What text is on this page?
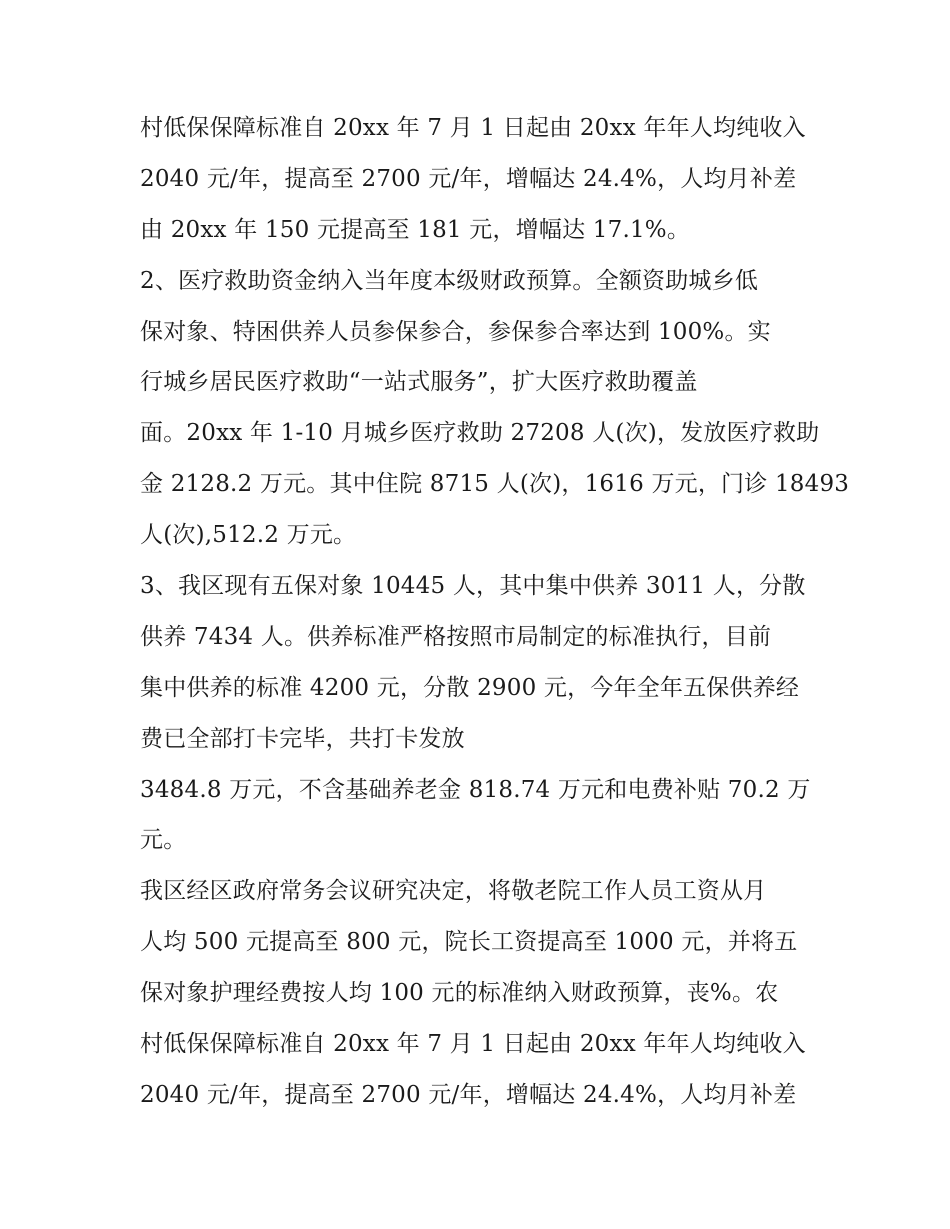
村低保保障标准自 20xx 年 7 月 1 日起由 20xx 年年人均纯收入
2040 元/年，提高至 2700 元/年，增幅达 24.4%，人均月补差
由 20xx 年 150 元提高至 181 元，增幅达 17.1%。
2、医疗救助资金纳入当年度本级财政预算。全额资助城乡低
保对象、特困供养人员参保参合，参保参合率达到 100%。实
行城乡居民医疗救助“一站式服务”，扩大医疗救助覆盖
面。20xx 年 1-10 月城乡医疗救助 27208 人(次)，发放医疗救助
金 2128.2 万元。其中住院 8715 人(次)，1616 万元，门诊 18493
人(次),512.2 万元。
3、我区现有五保对象 10445 人，其中集中供养 3011 人，分散
供养 7434 人。供养标准严格按照市局制定的标准执行，目前
集中供养的标准 4200 元，分散 2900 元，今年全年五保供养经
费已全部打卡完毕，共打卡发放
3484.8 万元，不含基础养老金 818.74 万元和电费补贴 70.2 万
元。
我区经区政府常务会议研究决定，将敬老院工作人员工资从月
人均 500 元提高至 800 元，院长工资提高至 1000 元，并将五
保对象护理经费按人均 100 元的标准纳入财政预算，丧%。农
村低保保障标准自 20xx 年 7 月 1 日起由 20xx 年年人均纯收入
2040 元/年，提高至 2700 元/年，增幅达 24.4%，人均月补差
